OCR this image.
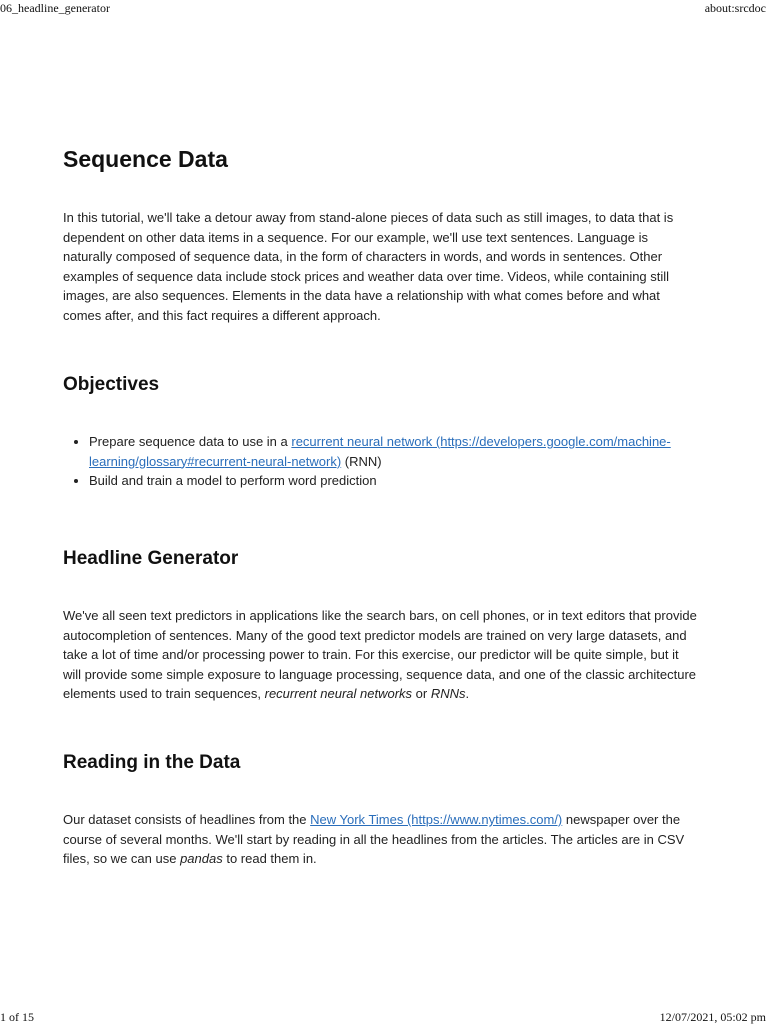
06_headline_generator	about:srcdoc
Sequence Data

In this tutorial, we'll take a detour away from stand-alone pieces of data such as still images, to data that is dependent on other data items in a sequence. For our example, we'll use text sentences. Language is naturally composed of sequence data, in the form of characters in words, and words in sentences. Other examples of sequence data include stock prices and weather data over time. Videos, while containing still images, are also sequences. Elements in the data have a relationship with what comes before and what comes after, and this fact requires a different approach.

Objectives
• Prepare sequence data to use in a recurrent neural network (https://developers.google.com/machine-learning/glossary#recurrent-neural-network) (RNN)
• Build and train a model to perform word prediction
Headline Generator

We've all seen text predictors in applications like the search bars, on cell phones, or in text editors that provide autocompletion of sentences. Many of the good text predictor models are trained on very large datasets, and take a lot of time and/or processing power to train. For this exercise, our predictor will be quite simple, but it will provide some simple exposure to language processing, sequence data, and one of the classic architecture elements used to train sequences, recurrent neural networks or RNNs.

Reading in the Data

Our dataset consists of headlines from the New York Times (https://www.nytimes.com/) newspaper over the course of several months. We'll start by reading in all the headlines from the articles. The articles are in CSV files, so we can use pandas to read them in.

1 of 15	12/07/2021, 05:02 pm
